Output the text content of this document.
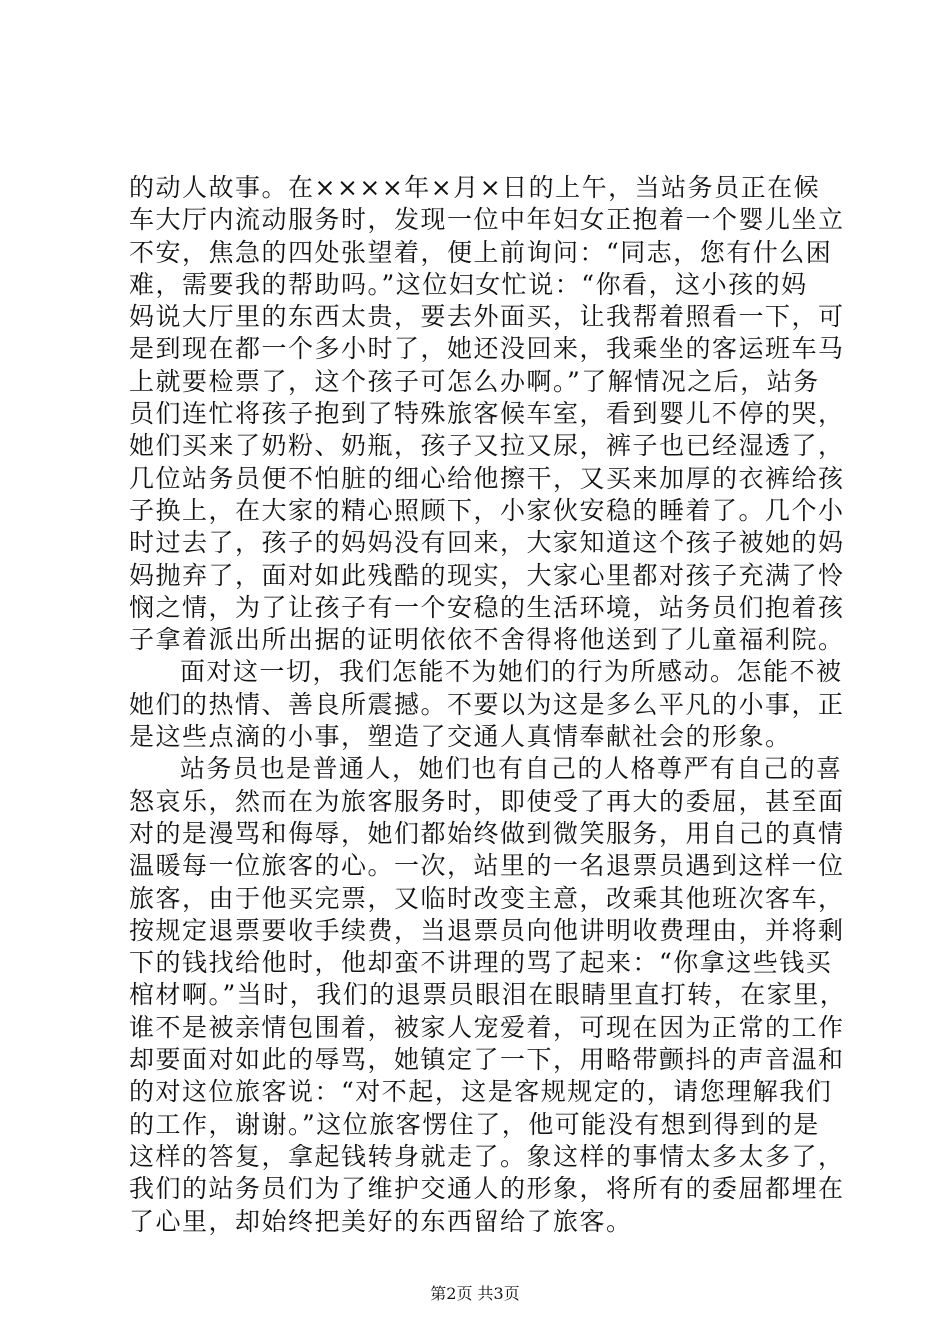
的动人故事。在××××年×月×日的上午，当站务员正在候
车大厅内流动服务时，发现一位中年妇女正抱着一个婴儿坐立
不安，焦急的四处张望着，便上前询问：“同志，您有什么困
难，需要我的帮助吗。”这位妇女忙说：“你看，这小孩的妈
妈说大厅里的东西太贵，要去外面买，让我帮着照看一下，可
是到现在都一个多小时了，她还没回来，我乘坐的客运班车马
上就要检票了，这个孩子可怎么办啊。”了解情况之后，站务
员们连忙将孩子抱到了特殊旅客候车室，看到婴儿不停的哭，
她们买来了奶粉、奶瓶，孩子又拉又尿，裤子也已经湿透了，
几位站务员便不怕脏的细心给他擦干，又买来加厚的衣裤给孩
子换上，在大家的精心照顾下，小家伙安稳的睡着了。几个小
时过去了，孩子的妈妈没有回来，大家知道这个孩子被她的妈
妈抛弃了，面对如此残酷的现实，大家心里都对孩子充满了怜
悯之情，为了让孩子有一个安稳的生活环境，站务员们抱着孩
子拿着派出所出据的证明依依不舍得将他送到了儿童福利院。
面对这一切，我们怎能不为她们的行为所感动。怎能不被
她们的热情、善良所震撼。不要以为这是多么平凡的小事，正
是这些点滴的小事，塑造了交通人真情奉献社会的形象。
站务员也是普通人，她们也有自己的人格尊严有自己的喜
怒哀乐，然而在为旅客服务时，即使受了再大的委屈，甚至面
对的是漫骂和侮辱，她们都始终做到微笑服务，用自己的真情
温暖每一位旅客的心。一次，站里的一名退票员遇到这样一位
旅客，由于他买完票，又临时改变主意，改乘其他班次客车，
按规定退票要收手续费，当退票员向他讲明收费理由，并将剩
下的钱找给他时，他却蛮不讲理的骂了起来：“你拿这些钱买
棺材啊。”当时，我们的退票员眼泪在眼睛里直打转，在家里，
谁不是被亲情包围着，被家人宠爱着，可现在因为正常的工作
却要面对如此的辱骂，她镇定了一下，用略带颤抖的声音温和
的对这位旅客说：“对不起，这是客规规定的，请您理解我们
的工作，谢谢。”这位旅客愣住了，他可能没有想到得到的是
这样的答复，拿起钱转身就走了。象这样的事情太多太多了，
我们的站务员们为了维护交通人的形象，将所有的委屈都埋在
了心里，却始终把美好的东西留给了旅客。
第2页 共3页
